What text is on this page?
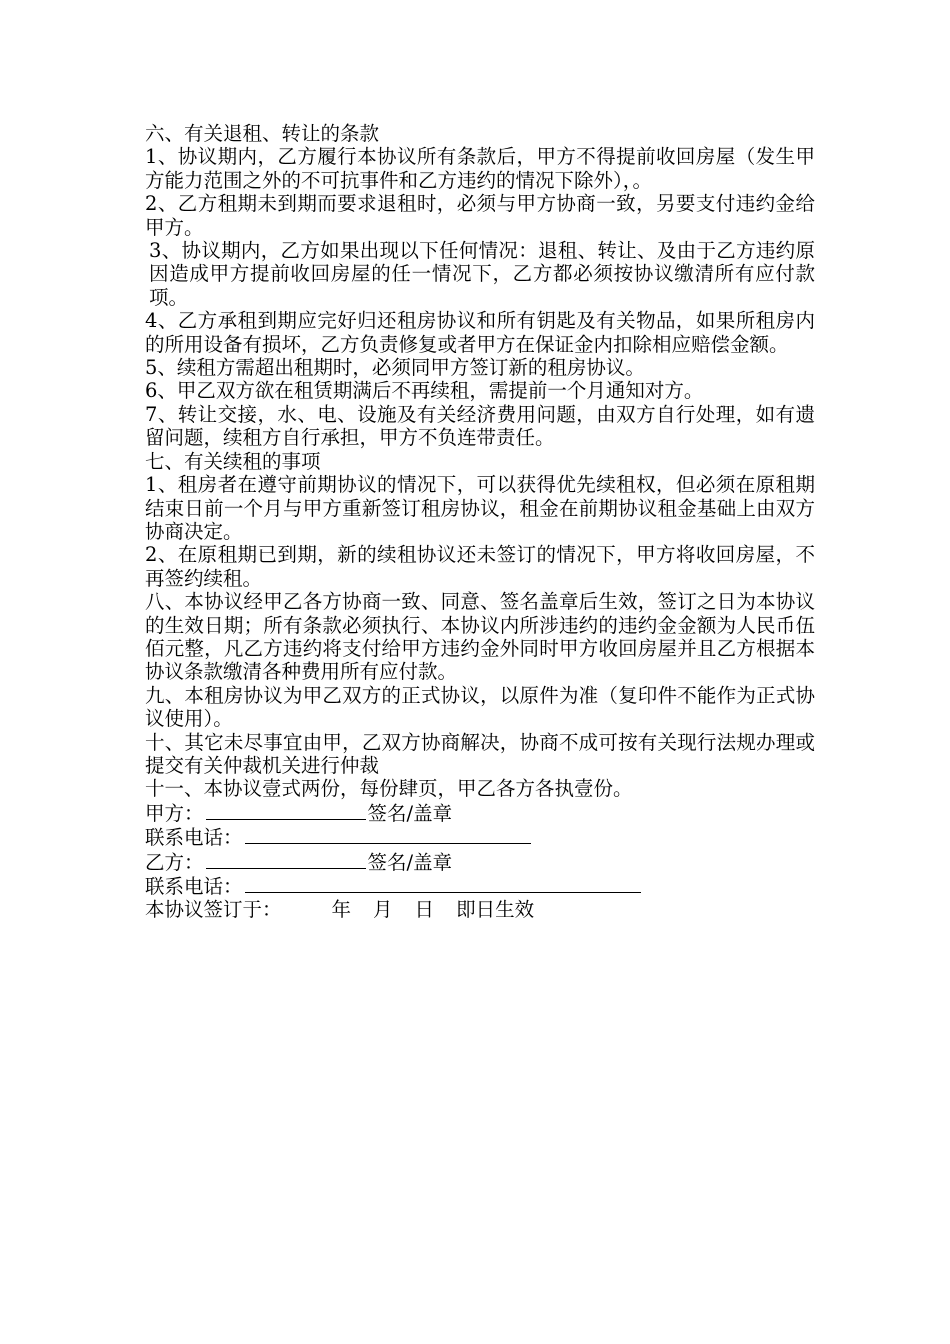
六、有关退租、转让的条款

1、协议期内，乙方履行本协议所有条款后，甲方不得提前收回房屋（发生甲方能力范围之外的不可抗事件和乙方违约的情况下除外），。

2、乙方租期未到期而要求退租时，必须与甲方协商一致，另要支付违约金给甲方。

3、协议期内，乙方如果出现以下任何情况：退租、转让、及由于乙方违约原因造成甲方提前收回房屋的任一情况下，乙方都必须按协议缴清所有应付款项。

4、乙方承租到期应完好归还租房协议和所有钥匙及有关物品，如果所租房内的所用设备有损坏，乙方负责修复或者甲方在保证金内扣除相应赔偿金额。

5、续租方需超出租期时，必须同甲方签订新的租房协议。

6、甲乙双方欲在租赁期满后不再续租，需提前一个月通知对方。

7、转让交接，水、电、设施及有关经济费用问题，由双方自行处理，如有遗留问题，续租方自行承担，甲方不负连带责任。

七、有关续租的事项

1、租房者在遵守前期协议的情况下，可以获得优先续租权，但必须在原租期结束日前一个月与甲方重新签订租房协议，租金在前期协议租金基础上由双方协商决定。

2、在原租期已到期，新的续租协议还未签订的情况下，甲方将收回房屋，不再签约续租。

八、本协议经甲乙各方协商一致、同意、签名盖章后生效，签订之日为本协议的生效日期；所有条款必须执行、本协议内所涉违约的违约金金额为人民币伍佰元整，凡乙方违约将支付给甲方违约金外同时甲方收回房屋并且乙方根据本协议条款缴清各种费用所有应付款。

九、本租房协议为甲乙双方的正式协议，以原件为准（复印件不能作为正式协议使用）。

十、其它未尽事宜由甲，乙双方协商解决，协商不成可按有关现行法规办理或提交有关仲裁机关进行仲裁

十一、本协议壹式两份，每份肆页，甲乙各方各执壹份。

甲方：	签名/盖章

联系电话：

乙方：	签名/盖章

联系电话：

本协议签订于：	年 月 日 即日生效
